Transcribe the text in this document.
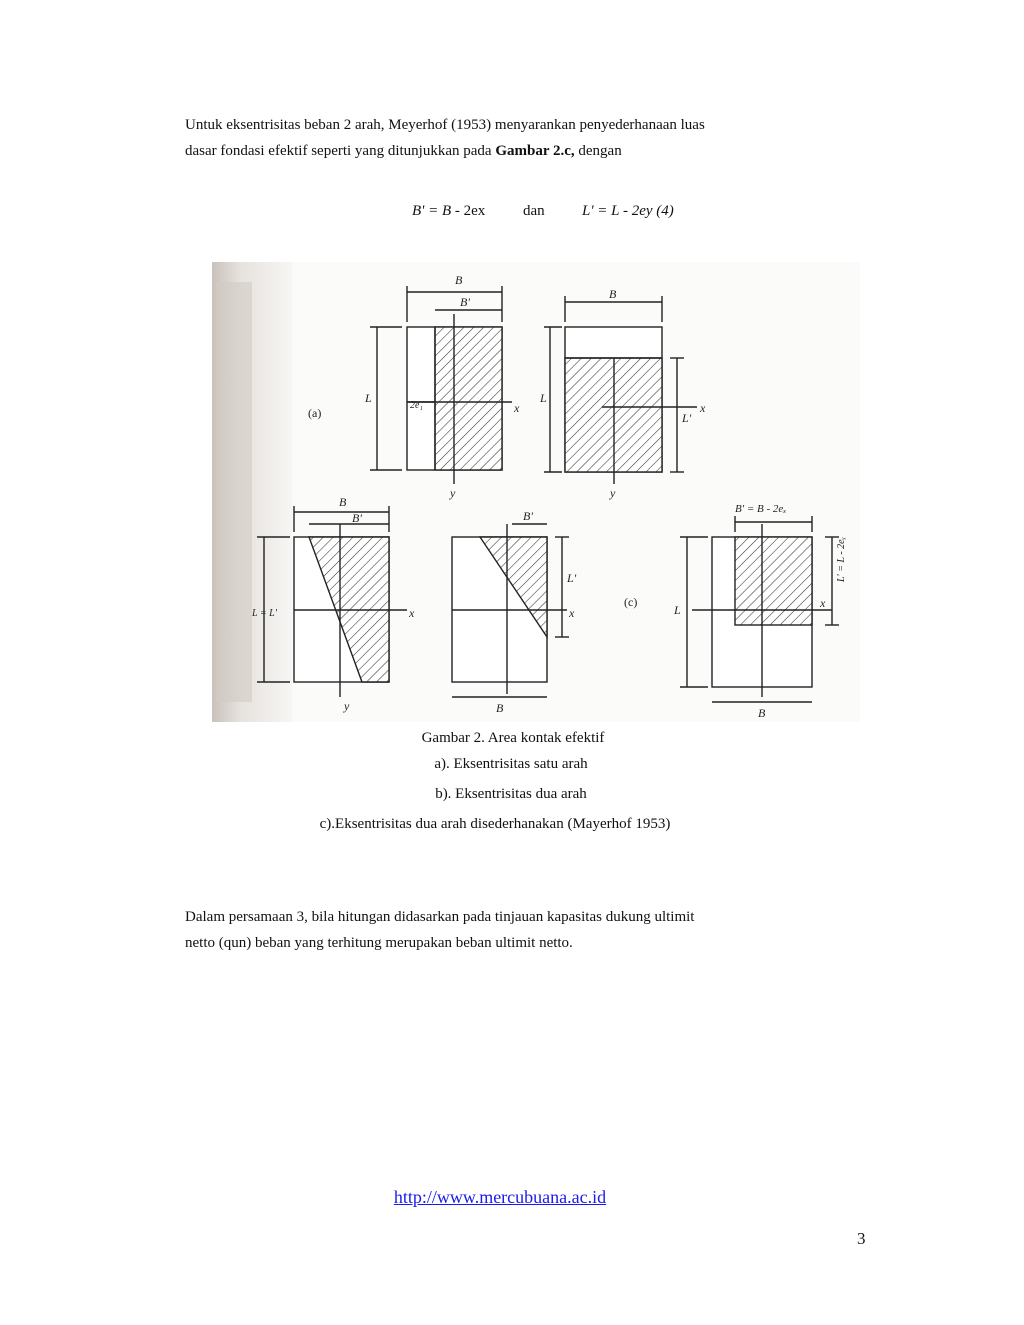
Untuk eksentrisitas beban 2 arah, Meyerhof (1953) menyarankan penyederhanaan luas
dasar fondasi efektif seperti yang ditunjukkan pada Gambar 2.c, dengan

B' = B - 2ex	dan L' = L - 2ey (4)
B
B'
L
2e₁	x
y
(a)
B
L
L'
x
y
B
B'
L = L'	x
y
B'
L'
x
B
(c)
B' = B - 2eₓ
L	x
B
L' = L - 2eᵧ
Gambar 2. Area kontak efektif
a). Eksentrisitas satu arah
b). Eksentrisitas dua arah
c).Eksentrisitas dua arah disederhanakan (Mayerhof 1953)

Dalam persamaan 3, bila hitungan didasarkan pada tinjauan kapasitas dukung ultimit
netto (qun) beban yang terhitung merupakan beban ultimit netto.

http://www.mercubuana.ac.id
3
